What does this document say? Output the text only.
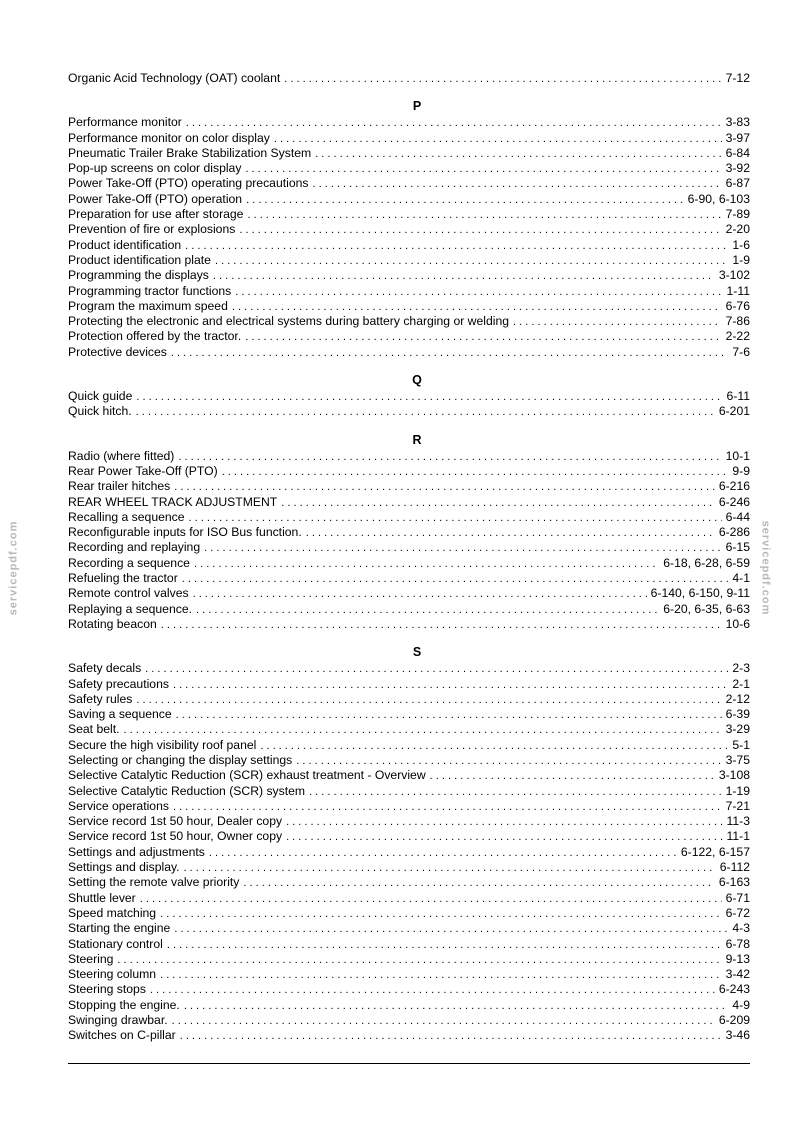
servicepdf.com	servicepdf.com
Organic Acid Technology (OAT) coolant . . .	7-12
P
Performance monitor . . .	3-83
Performance monitor on color display . . .	3-97
Pneumatic Trailer Brake Stabilization System . . .	6-84
Pop-up screens on color display . . .	3-92
Power Take-Off (PTO) operating precautions . . .	6-87
Power Take-Off (PTO) operation . . .	6-90, 6-103
Preparation for use after storage . . .	7-89
Prevention of fire or explosions . . .	2-20
Product identification . . .	1-6
Product identification plate . . .	1-9
Programming the displays . . .	3-102
Programming tractor functions . . .	1-11
Program the maximum speed . . .	6-76
Protecting the electronic and electrical systems during battery charging or welding . . .	7-86
Protection offered by the tractor. . . .	2-22
Protective devices . . .	7-6
Q
Quick guide . . .	6-11
Quick hitch. . . .	6-201
R
Radio (where fitted) . . .	10-1
Rear Power Take-Off (PTO) . . .	9-9
Rear trailer hitches . . .	6-216
REAR WHEEL TRACK ADJUSTMENT . . .	6-246
Recalling a sequence . . .	6-44
Reconfigurable inputs for ISO Bus function. . . .	6-286
Recording and replaying . . .	6-15
Recording a sequence . . .	6-18, 6-28, 6-59
Refueling the tractor . . .	4-1
Remote control valves . . .	6-140, 6-150, 9-11
Replaying a sequence. . . .	6-20, 6-35, 6-63
Rotating beacon . . .	10-6
S
Safety decals . . .	2-3
Safety precautions . . .	2-1
Safety rules . . .	2-12
Saving a sequence . . .	6-39
Seat belt. . . .	3-29
Secure the high visibility roof panel . . .	5-1
Selecting or changing the display settings . . .	3-75
Selective Catalytic Reduction (SCR) exhaust treatment - Overview . . .	3-108
Selective Catalytic Reduction (SCR) system . . .	1-19
Service operations . . .	7-21
Service record 1st 50 hour, Dealer copy . . .	11-3
Service record 1st 50 hour, Owner copy . . .	11-1
Settings and adjustments . . .	6-122, 6-157
Settings and display. . . .	6-112
Setting the remote valve priority . . .	6-163
Shuttle lever . . .	6-71
Speed matching . . .	6-72
Starting the engine . . .	4-3
Stationary control . . .	6-78
Steering . . .	9-13
Steering column . . .	3-42
Steering stops . . .	6-243
Stopping the engine. . . .	4-9
Swinging drawbar. . . .	6-209
Switches on C-pillar . . .	3-46
